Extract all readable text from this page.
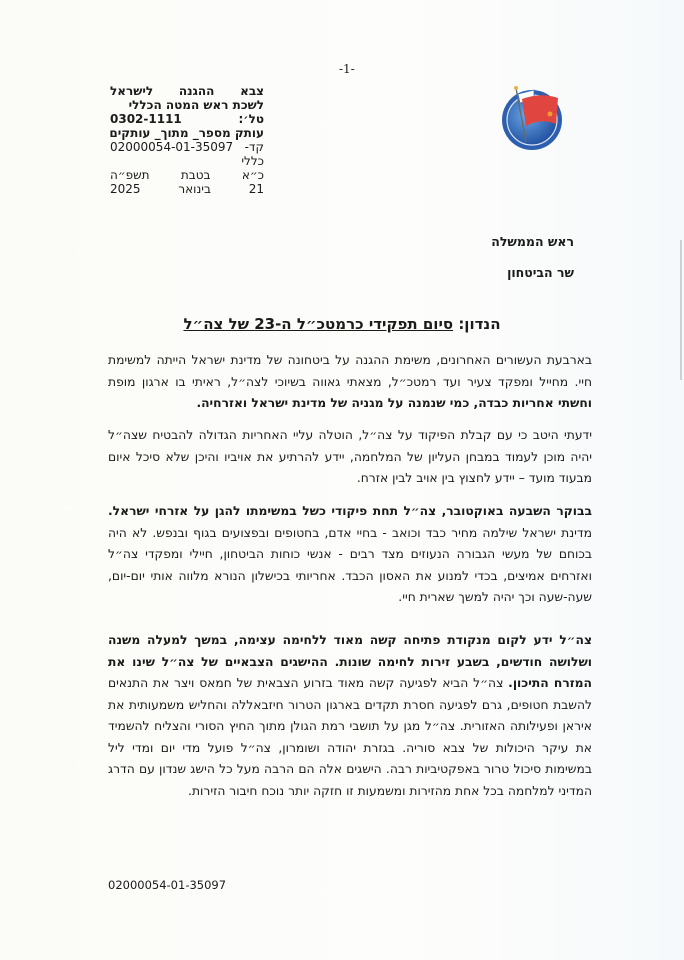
-1-
צבא
ההגנה
לישראל
לשכת ראש המטה הכללי
טל׳:
0302-1111
עותק מספר_ מתוך_ עותקים
קד-
02000054-01-35097
כללי
כ״א
בטבת
תשפ״ה
21
בינואר
2025
ראש הממשלה
שר הביטחון
הנדון: סיום תפקידי כרמטכ״ל ה-23 של צה״ל
בארבעת העשורים האחרונים, משימת ההגנה על ביטחונה של מדינת ישראל הייתה למשימת חיי. מחייל ומפקד צעיר ועד רמטכ״ל, מצאתי גאווה בשיוכי לצה״ל, ראיתי בו ארגון מופת וחשתי אחריות כבדה, כמי שנמנה על מגניה של מדינת ישראל ואזרחיה.
ידעתי היטב כי עם קבלת הפיקוד על צה״ל, הוטלה עליי האחריות הגדולה להבטיח שצה״ל יהיה מוכן לעמוד במבחן העליון של המלחמה, יידע להרתיע את אויביו והיכן שלא סיכל איום מבעוד מועד – יידע לחצוץ בין אויב לבין אזרח.
בבוקר השבעה באוקטובר, צה״ל תחת פיקודי כשל במשימתו להגן על אזרחי ישראל. מדינת ישראל שילמה מחיר כבד וכואב - בחיי אדם, בחטופים ובפצועים בגוף ובנפש. לא היה בכוחם של מעשי הגבורה הנעוזים מצד רבים - אנשי כוחות הביטחון, חיילי ומפקדי צה״ל ואזרחים אמיצים, בכדי למנוע את האסון הכבד. אחריותי בכישלון הנורא מלווה אותי יום-יום, שעה-שעה וכך יהיה למשך שארית חיי.
צה״ל ידע לקום מנקודת פתיחה קשה מאוד ללחימה עצימה, במשך למעלה משנה ושלושה חודשים, בשבע זירות לחימה שונות. ההישגים הצבאיים של צה״ל שינו את המזרח התיכון. צה״ל הביא לפגיעה קשה מאוד בזרוע הצבאית של חמאס ויצר את התנאים להשבת חטופים, גרם לפגיעה חסרת תקדים בארגון הטרור חיזבאללה והחליש משמעותית את איראן ופעילותה האזורית. צה״ל מגן על תושבי רמת הגולן מתוך החיץ הסורי והצליח להשמיד את עיקר היכולות של צבא סוריה. בגזרת יהודה ושומרון, צה״ל פועל מדי יום ומדי ליל במשימות סיכול טרור באפקטיביות רבה. הישגים אלה הם הרבה מעל כל הישג שנדון עם הדרג המדיני למלחמה בכל אחת מהזירות ומשמעות זו חזקה יותר נוכח חיבור הזירות.
02000054-01-35097
